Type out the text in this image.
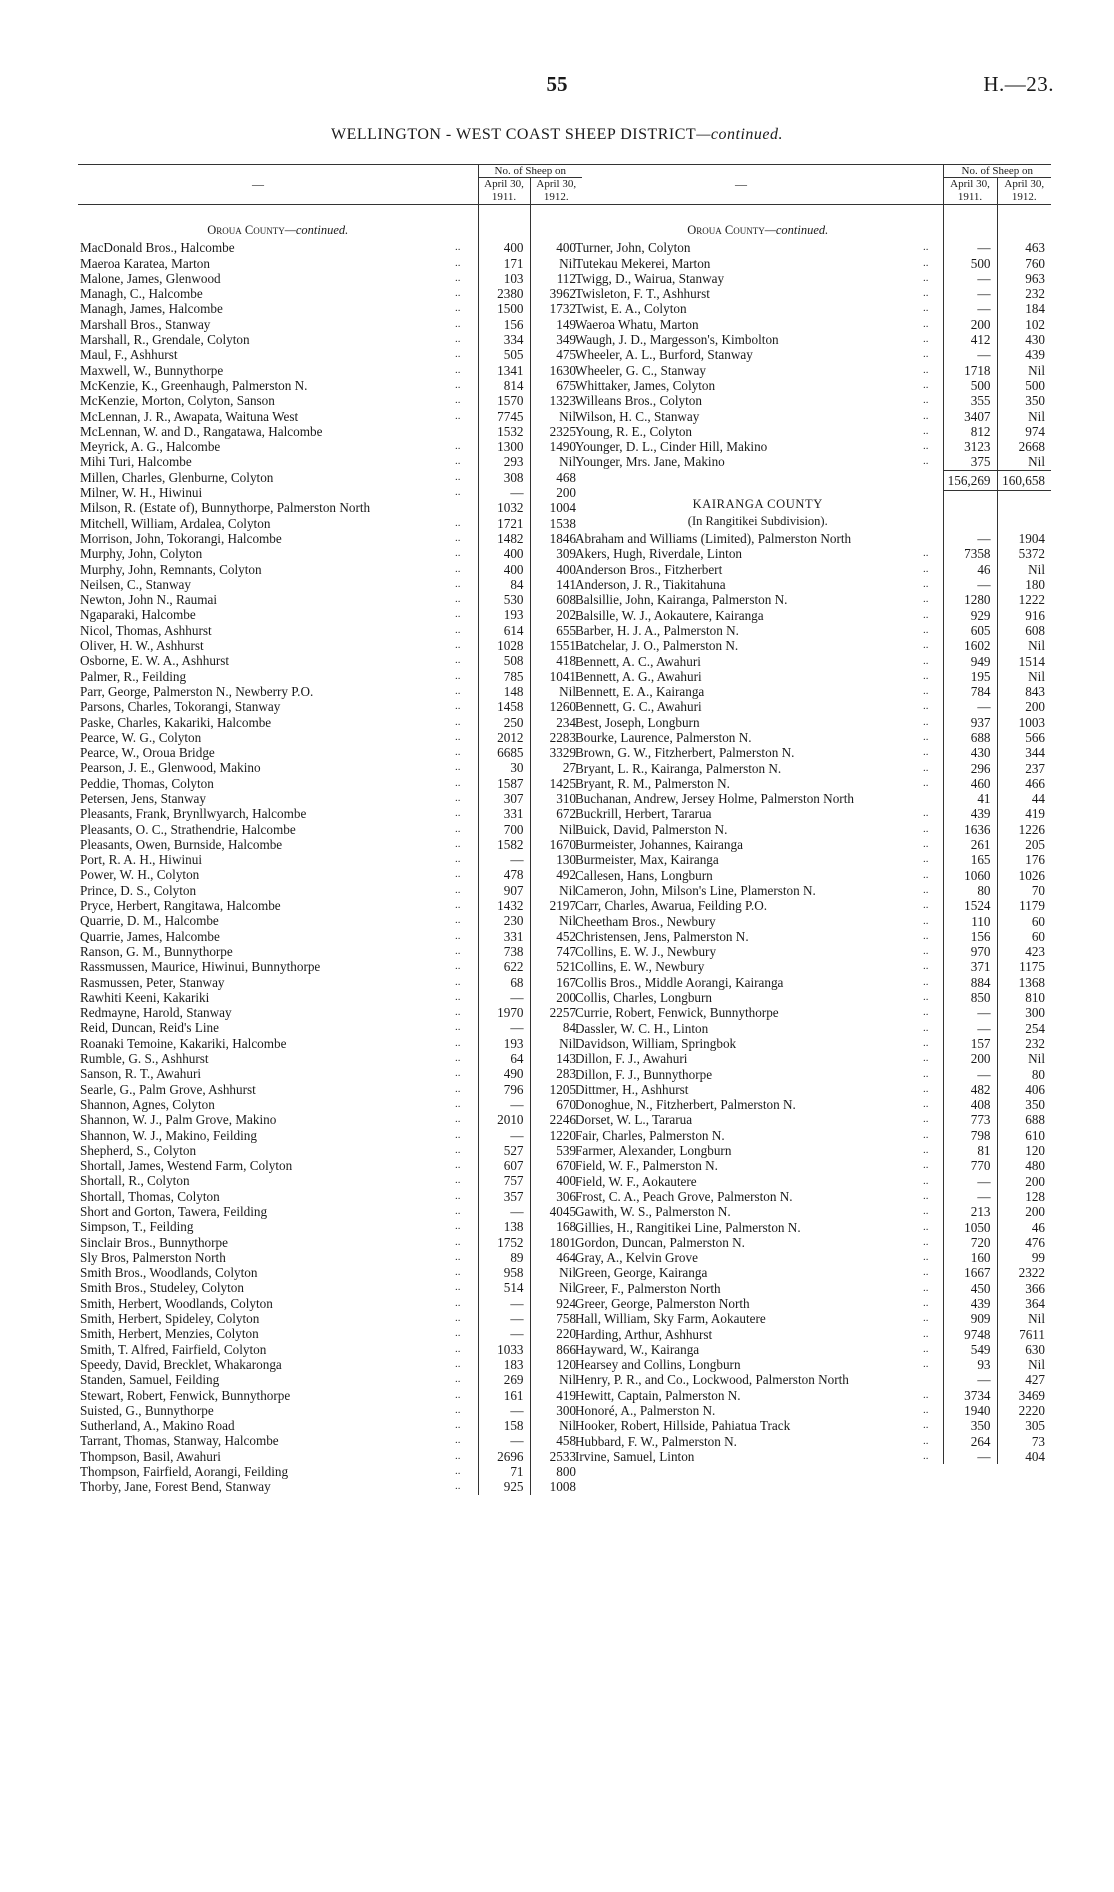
55	H.—23.
WELLINGTON - WEST COAST SHEEP DISTRICT—continued.
—		No. of Sheep on	
		April 30, 1911.	April 30, 1912.

Oroua County—continued.			
MacDonald Bros., Halcombe	..	400	400
Maeroa Karatea, Marton	..	171	Nil
Malone, James, Glenwood	..	103	112
Managh, C., Halcombe	..	2380	3962
Managh, James, Halcombe	..	1500	1732
Marshall Bros., Stanway	..	156	149
Marshall, R., Grendale, Colyton	..	334	349
Maul, F., Ashhurst	..	505	475
Maxwell, W., Bunnythorpe	..	1341	1630
McKenzie, K., Greenhaugh, Palmerston N.	..	814	675
McKenzie, Morton, Colyton, Sanson	..	1570	1323
McLennan, J. R., Awapata, Waituna West	..	7745	Nil
McLennan, W. and D., Rangatawa, Halcombe		1532	2325
Meyrick, A. G., Halcombe	..	1300	1490
Mihi Turi, Halcombe	..	293	Nil
Millen, Charles, Glenburne, Colyton	..	308	468
Milner, W. H., Hiwinui	..	—	200
Milson, R. (Estate of), Bunnythorpe, Palmerston North		1032	1004
Mitchell, William, Ardalea, Colyton	..	1721	1538
Morrison, John, Tokorangi, Halcombe	..	1482	1846
Murphy, John, Colyton	..	400	309
Murphy, John, Remnants, Colyton	..	400	400
Neilsen, C., Stanway	..	84	141
Newton, John N., Raumai	..	530	608
Ngaparaki, Halcombe	..	193	202
Nicol, Thomas, Ashhurst	..	614	655
Oliver, H. W., Ashhurst	..	1028	1551
Osborne, E. W. A., Ashhurst	..	508	418
Palmer, R., Feilding	..	785	1041
Parr, George, Palmerston N., Newberry P.O.	..	148	Nil
Parsons, Charles, Tokorangi, Stanway	..	1458	1260
Paske, Charles, Kakariki, Halcombe	..	250	234
Pearce, W. G., Colyton	..	2012	2283
Pearce, W., Oroua Bridge	..	6685	3329
Pearson, J. E., Glenwood, Makino	..	30	27
Peddie, Thomas, Colyton	..	1587	1425
Petersen, Jens, Stanway	..	307	310
Pleasants, Frank, Brynllwyarch, Halcombe	..	331	672
Pleasants, O. C., Strathendrie, Halcombe	..	700	Nil
Pleasants, Owen, Burnside, Halcombe	..	1582	1670
Port, R. A. H., Hiwinui	..	—	130
Power, W. H., Colyton	..	478	492
Prince, D. S., Colyton	..	907	Nil
Pryce, Herbert, Rangitawa, Halcombe	..	1432	2197
Quarrie, D. M., Halcombe	..	230	Nil
Quarrie, James, Halcombe	..	331	452
Ranson, G. M., Bunnythorpe	..	738	747
Rassmussen, Maurice, Hiwinui, Bunnythorpe	..	622	521
Rasmussen, Peter, Stanway	..	68	167
Rawhiti Keeni, Kakariki	..	—	200
Redmayne, Harold, Stanway	..	1970	2257
Reid, Duncan, Reid's Line	..	—	84
Roanaki Temoine, Kakariki, Halcombe	..	193	Nil
Rumble, G. S., Ashhurst	..	64	143
Sanson, R. T., Awahuri	..	490	283
Searle, G., Palm Grove, Ashhurst	..	796	1205
Shannon, Agnes, Colyton	..	—	670
Shannon, W. J., Palm Grove, Makino	..	2010	2246
Shannon, W. J., Makino, Feilding	..	—	1220
Shepherd, S., Colyton	..	527	539
Shortall, James, Westend Farm, Colyton	..	607	670
Shortall, R., Colyton	..	757	400
Shortall, Thomas, Colyton	..	357	306
Short and Gorton, Tawera, Feilding	..	—	4045
Simpson, T., Feilding	..	138	168
Sinclair Bros., Bunnythorpe	..	1752	1801
Sly Bros, Palmerston North	..	89	464
Smith Bros., Woodlands, Colyton	..	958	Nil
Smith Bros., Studeley, Colyton	..	514	Nil
Smith, Herbert, Woodlands, Colyton	..	—	924
Smith, Herbert, Spideley, Colyton	..	—	758
Smith, Herbert, Menzies, Colyton	..	—	220
Smith, T. Alfred, Fairfield, Colyton	..	1033	866
Speedy, David, Brecklet, Whakaronga	..	183	120
Standen, Samuel, Feilding	..	269	Nil
Stewart, Robert, Fenwick, Bunnythorpe	..	161	419
Suisted, G., Bunnythorpe	..	—	300
Sutherland, A., Makino Road	..	158	Nil
Tarrant, Thomas, Stanway, Halcombe	..	—	458
Thompson, Basil, Awahuri	..	2696	2533
Thompson, Fairfield, Aorangi, Feilding	..	71	800
Thorby, Jane, Forest Bend, Stanway	..	925	1008
—		No. of Sheep on	
		April 30, 1911.	April 30, 1912.

Oroua County—continued.			
Turner, John, Colyton	..	—	463
Tutekau Mekerei, Marton	..	500	760
Twigg, D., Wairua, Stanway	..	—	963
Twisleton, F. T., Ashhurst	..	—	232
Twist, E. A., Colyton	..	—	184
Waeroa Whatu, Marton	..	200	102
Waugh, J. D., Margesson's, Kimbolton	..	412	430
Wheeler, A. L., Burford, Stanway	..	—	439
Wheeler, G. C., Stanway	..	1718	Nil
Whittaker, James, Colyton	..	500	500
Willeans Bros., Colyton	..	355	350
Wilson, H. C., Stanway	..	3407	Nil
Young, R. E., Colyton	..	812	974
Younger, D. L., Cinder Hill, Makino	..	3123	2668
Younger, Mrs. Jane, Makino	..	375	Nil
		156,269	160,658
KAIRANGA COUNTY			
(In Rangitikei Subdivision).			
Abraham and Williams (Limited), Palmerston North		—	1904
Akers, Hugh, Riverdale, Linton	..	7358	5372
Anderson Bros., Fitzherbert	..	46	Nil
Anderson, J. R., Tiakitahuna	..	—	180
Balsillie, John, Kairanga, Palmerston N.	..	1280	1222
Balsille, W. J., Aokautere, Kairanga	..	929	916
Barber, H. J. A., Palmerston N.	..	605	608
Batchelar, J. O., Palmerston N.	..	1602	Nil
Bennett, A. C., Awahuri	..	949	1514
Bennett, A. G., Awahuri	..	195	Nil
Bennett, E. A., Kairanga	..	784	843
Bennett, G. C., Awahuri	..	—	200
Best, Joseph, Longburn	..	937	1003
Bourke, Laurence, Palmerston N.	..	688	566
Brown, G. W., Fitzherbert, Palmerston N.	..	430	344
Bryant, L. R., Kairanga, Palmerston N.	..	296	237
Bryant, R. M., Palmerston N.	..	460	466
Buchanan, Andrew, Jersey Holme, Palmerston North		41	44
Buckrill, Herbert, Tararua	..	439	419
Buick, David, Palmerston N.	..	1636	1226
Burmeister, Johannes, Kairanga	..	261	205
Burmeister, Max, Kairanga	..	165	176
Callesen, Hans, Longburn	..	1060	1026
Cameron, John, Milson's Line, Plamerston N.	..	80	70
Carr, Charles, Awarua, Feilding P.O.	..	1524	1179
Cheetham Bros., Newbury	..	110	60
Christensen, Jens, Palmerston N.	..	156	60
Collins, E. W. J., Newbury	..	970	423
Collins, E. W., Newbury	..	371	1175
Collis Bros., Middle Aorangi, Kairanga	..	884	1368
Collis, Charles, Longburn	..	850	810
Currie, Robert, Fenwick, Bunnythorpe	..	—	300
Dassler, W. C. H., Linton	..	—	254
Davidson, William, Springbok	..	157	232
Dillon, F. J., Awahuri	..	200	Nil
Dillon, F. J., Bunnythorpe	..	—	80
Dittmer, H., Ashhurst	..	482	406
Donoghue, N., Fitzherbert, Palmerston N.	..	408	350
Dorset, W. L., Tararua	..	773	688
Fair, Charles, Palmerston N.	..	798	610
Farmer, Alexander, Longburn	..	81	120
Field, W. F., Palmerston N.	..	770	480
Field, W. F., Aokautere	..	—	200
Frost, C. A., Peach Grove, Palmerston N.	..	—	128
Gawith, W. S., Palmerston N.	..	213	200
Gillies, H., Rangitikei Line, Palmerston N.	..	1050	46
Gordon, Duncan, Palmerston N.	..	720	476
Gray, A., Kelvin Grove	..	160	99
Green, George, Kairanga	..	1667	2322
Greer, F., Palmerston North	..	450	366
Greer, George, Palmerston North	..	439	364
Hall, William, Sky Farm, Aokautere	..	909	Nil
Harding, Arthur, Ashhurst	..	9748	7611
Hayward, W., Kairanga	..	549	630
Hearsey and Collins, Longburn	..	93	Nil
Henry, P. R., and Co., Lockwood, Palmerston North		—	427
Hewitt, Captain, Palmerston N.	..	3734	3469
Honoré, A., Palmerston N.	..	1940	2220
Hooker, Robert, Hillside, Pahiatua Track	..	350	305
Hubbard, F. W., Palmerston N.	..	264	73
Irvine, Samuel, Linton	..	—	404
